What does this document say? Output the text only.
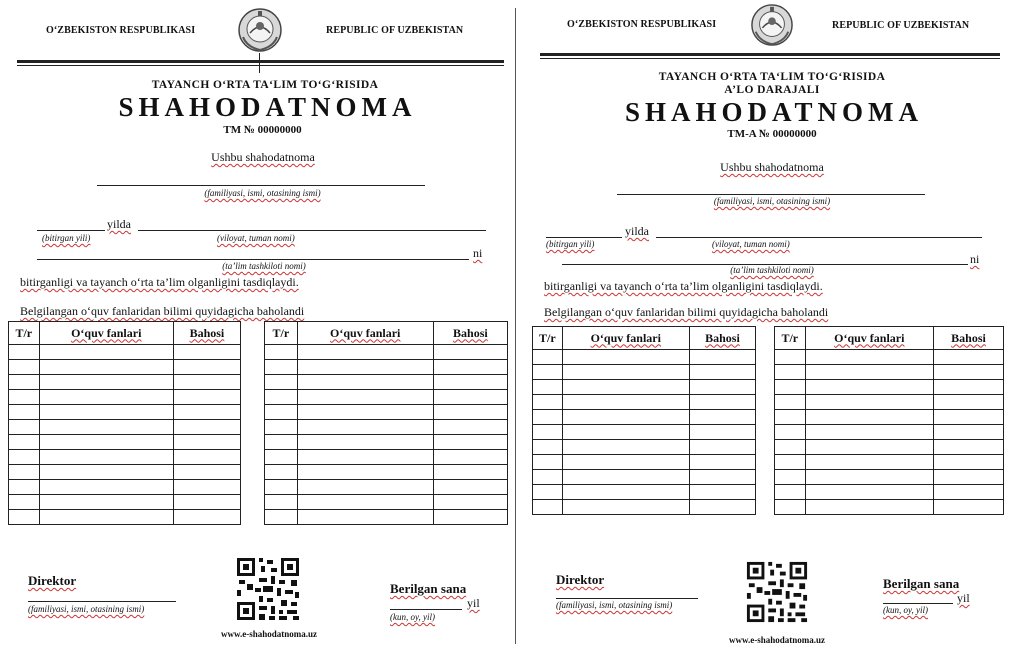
O‘ZBEKISTON RESPUBLIKASI	REPUBLIC OF UZBEKISTAN
TAYANCH O‘RTA TA‘LIM TO‘G‘RISIDA
SHAHODATNOMA
TM № 00000000
Ushbu shahodatnoma
(familiyasi, ismi, otasining ismi)
yilda
(bitirgan yili)	(viloyat, tuman nomi)
ni
(ta’lim tashkiloti nomi)
bitirganligi va tayanch o‘rta ta’lim olganligini tasdiqlaydi.
Belgilangan o‘quv fanlaridan bilimi quyidagicha baholandi
T/r	O‘quv fanlari	Bahosi

			T/r	O‘quv fanlari	Bahosi

Direktor
(familiyasi, ismi, otasining ismi)
www.e-shahodatnoma.uz
Berilgan sana
yil
(kun, oy, yil)
O‘ZBEKISTON RESPUBLIKASI	REPUBLIC OF UZBEKISTAN
TAYANCH O‘RTA TA‘LIM TO‘G‘RISIDA
A’LO DARAJALI
SHAHODATNOMA
TM-A № 00000000
Ushbu shahodatnoma
(familiyasi, ismi, otasining ismi)
yilda
(bitirgan yili)	(viloyat, tuman nomi)
ni
(ta’lim tashkiloti nomi)
bitirganligi va tayanch o‘rta ta’lim olganligini tasdiqlaydi.
Belgilangan o‘quv fanlaridan bilimi quyidagicha baholandi
T/r	O‘quv fanlari	Bahosi

			T/r	O‘quv fanlari	Bahosi

Direktor
(familiyasi, ismi, otasining ismi)
www.e-shahodatnoma.uz
Berilgan sana
yil
(kun, oy, yil)
